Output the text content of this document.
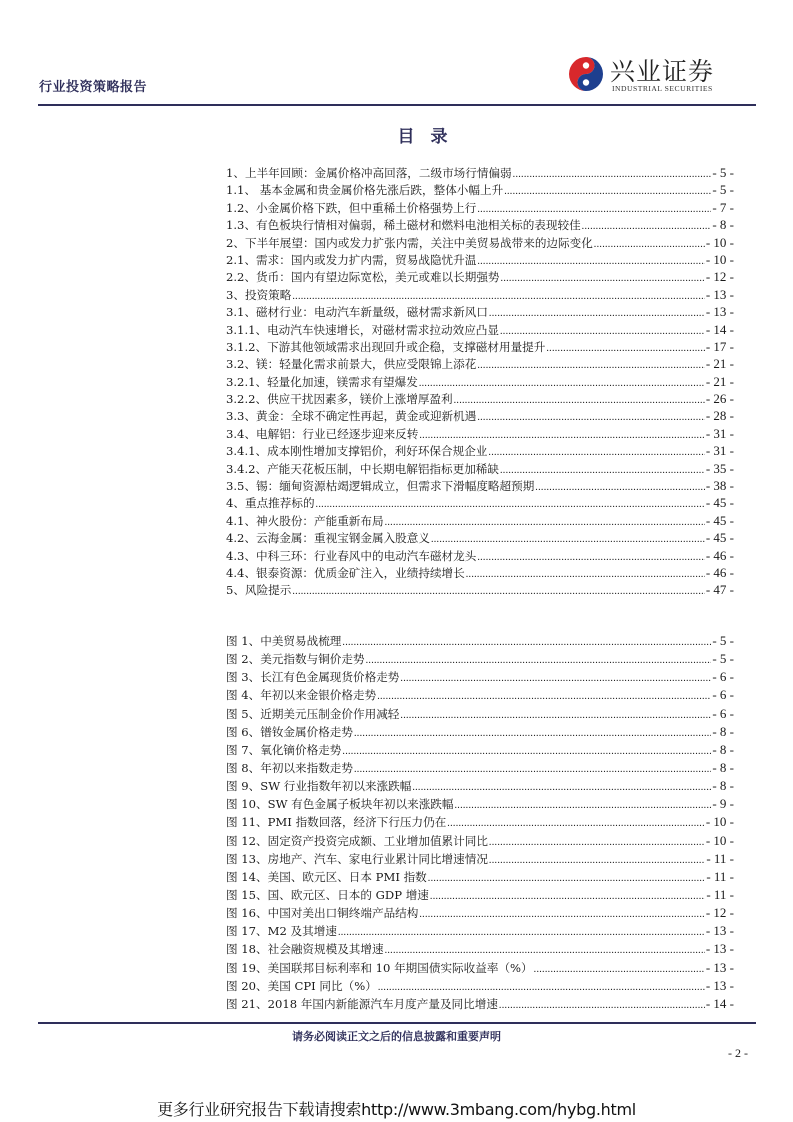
行业投资策略报告
兴业证券
INDUSTRIAL SECURITIES
目录
1、上半年回顾：金属价格冲高回落，二级市场行情偏弱 .....	- 5 -
1.1、 基本金属和贵金属价格先涨后跌，整体小幅上升 .....	- 5 -
1.2、小金属价格下跌，但中重稀土价格强势上行 .....	- 7 -
1.3、有色板块行情相对偏弱，稀土磁材和燃料电池相关标的表现较佳 .....	- 8 -
2、下半年展望：国内或发力扩张内需，关注中美贸易战带来的边际变化 .....	- 10 -
2.1、需求：国内或发力扩内需，贸易战隐忧升温 .....	- 10 -
2.2、货币：国内有望边际宽松，美元或难以长期强势 .....	- 12 -
3、投资策略 .....	- 13 -
3.1、磁材行业：电动汽车新量级，磁材需求新风口 .....	- 13 -
3.1.1、电动汽车快速增长，对磁材需求拉动效应凸显 .....	- 14 -
3.1.2、下游其他领域需求出现回升或企稳，支撑磁材用量提升 .....	- 17 -
3.2、镁：轻量化需求前景大，供应受限锦上添花 .....	- 21 -
3.2.1、轻量化加速，镁需求有望爆发 .....	- 21 -
3.2.2、供应干扰因素多，镁价上涨增厚盈利 .....	- 26 -
3.3、黄金：全球不确定性再起，黄金或迎新机遇 .....	- 28 -
3.4、电解铝：行业已经逐步迎来反转 .....	- 31 -
3.4.1、成本刚性增加支撑铝价，利好环保合规企业 .....	- 31 -
3.4.2、产能天花板压制，中长期电解铝指标更加稀缺 .....	- 35 -
3.5、锡：缅甸资源枯竭逻辑成立，但需求下滑幅度略超预期 .....	- 38 -
4、重点推荐标的 .....	- 45 -
4.1、神火股份：产能重新布局 .....	- 45 -
4.2、云海金属：重视宝钢金属入股意义 .....	- 45 -
4.3、中科三环：行业春风中的电动汽车磁材龙头 .....	- 46 -
4.4、银泰资源：优质金矿注入，业绩持续增长 .....	- 46 -
5、风险提示 .....	- 47 -
图 1、中美贸易战梳理 .....	- 5 -
图 2、美元指数与铜价走势 .....	- 5 -
图 3、长江有色金属现货价格走势 .....	- 6 -
图 4、年初以来金银价格走势 .....	- 6 -
图 5、近期美元压制金价作用减轻 .....	- 6 -
图 6、镨钕金属价格走势 .....	- 8 -
图 7、氧化镝价格走势 .....	- 8 -
图 8、年初以来指数走势 .....	- 8 -
图 9、SW 行业指数年初以来涨跌幅 .....	- 8 -
图 10、SW 有色金属子板块年初以来涨跌幅 .....	- 9 -
图 11、PMI 指数回落，经济下行压力仍在 .....	- 10 -
图 12、固定资产投资完成额、工业增加值累计同比 .....	- 10 -
图 13、房地产、汽车、家电行业累计同比增速情况 .....	- 11 -
图 14、美国、欧元区、日本 PMI 指数 .....	- 11 -
图 15、国、欧元区、日本的 GDP 增速 .....	- 11 -
图 16、中国对美出口铜终端产品结构 .....	- 12 -
图 17、M2 及其增速 .....	- 13 -
图 18、社会融资规模及其增速 .....	- 13 -
图 19、美国联邦目标利率和 10 年期国债实际收益率（%） .....	- 13 -
图 20、美国 CPI 同比（%） .....	- 13 -
图 21、2018 年国内新能源汽车月度产量及同比增速 .....	- 14 -
请务必阅读正文之后的信息披露和重要声明
- 2 -
更多行业研究报告下载请搜索http://www.3mbang.com/hybg.html
